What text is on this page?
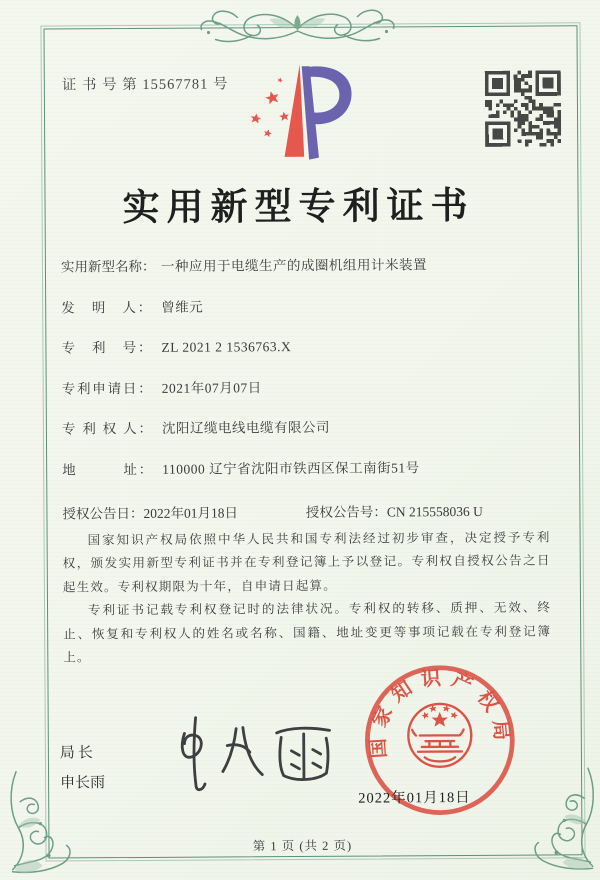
证 书 号 第 15567781 号
实用新型专利证书
实用新型名称： 一种应用于电缆生产的成圈机组用计米装置
发　明　人： 曾维元
专　利　号： ZL 2021 2 1536763.X
专利申请日： 2021年07月07日
专 利 权 人： 沈阳辽缆电线电缆有限公司
地　　　址： 110000 辽宁省沈阳市铁西区保工南街51号
授权公告日：2022年01月18日	授权公告号：CN 215558036 U

国家知识产权局依照中华人民共和国专利法经过初步审查，决定授予专利权，颁发实用新型专利证书并在专利登记簿上予以登记。专利权自授权公告之日起生效。专利权期限为十年，自申请日起算。

专利证书记载专利权登记时的法律状况。专利权的转移、质押、无效、终止、恢复和专利权人的姓名或名称、国籍、地址变更等事项记载在专利登记簿上。

局长
申长雨
国家知识产权局
2022年01月18日
第 1 页 (共 2 页)
